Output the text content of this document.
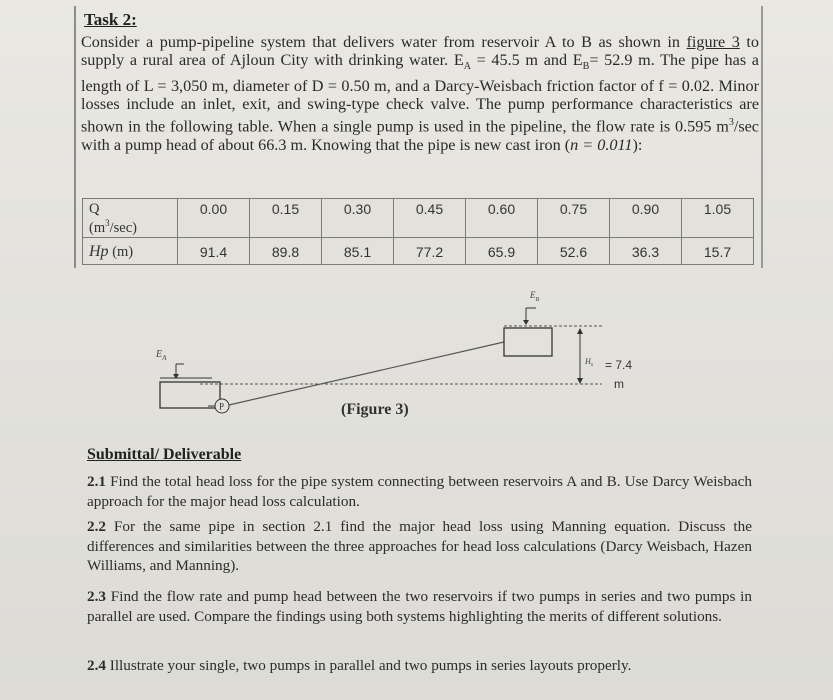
Task 2:

Consider a pump-pipeline system that delivers water from reservoir A to B as shown in figure 3 to supply a rural area of Ajloun City with drinking water. $E_A = 45.5$ m and $E_B= 52.9$ m. The pipe has a length of L = 3,050 m, diameter of D = 0.50 m, and a Darcy-Weisbach friction factor of f = 0.02. Minor losses include an inlet, exit, and swing-type check valve. The pump performance characteristics are shown in the following table. When a single pump is used in the pipeline, the flow rate is 0.595 $m^3/\sec$ with a pump head of about 66.3 m. Knowing that the pipe is new cast iron (n = 0.011):

Q
$(m^3/\sec)$	0.00	0.15	0.30	0.45	0.60	0.75	0.90	1.05
Hp (m)	91.4	89.8	85.1	77.2	65.9	52.6	36.3	15.7
$E_A$
P
$E_B$
$H_s = 7.4$
m

(Figure 3)

Submittal/ Deliverable

2.1 Find the total head loss for the pipe system connecting between reservoirs A and B. Use Darcy Weisbach approach for the major head loss calculation.

2.2 For the same pipe in section 2.1 find the major head loss using Manning equation. Discuss the differences and similarities between the three approaches for head loss calculations (Darcy Weisbach, Hazen Williams, and Manning).

2.3 Find the flow rate and pump head between the two reservoirs if two pumps in series and two pumps in parallel are used. Compare the findings using both systems highlighting the merits of different solutions.

2.4 Illustrate your single, two pumps in parallel and two pumps in series layouts properly.
